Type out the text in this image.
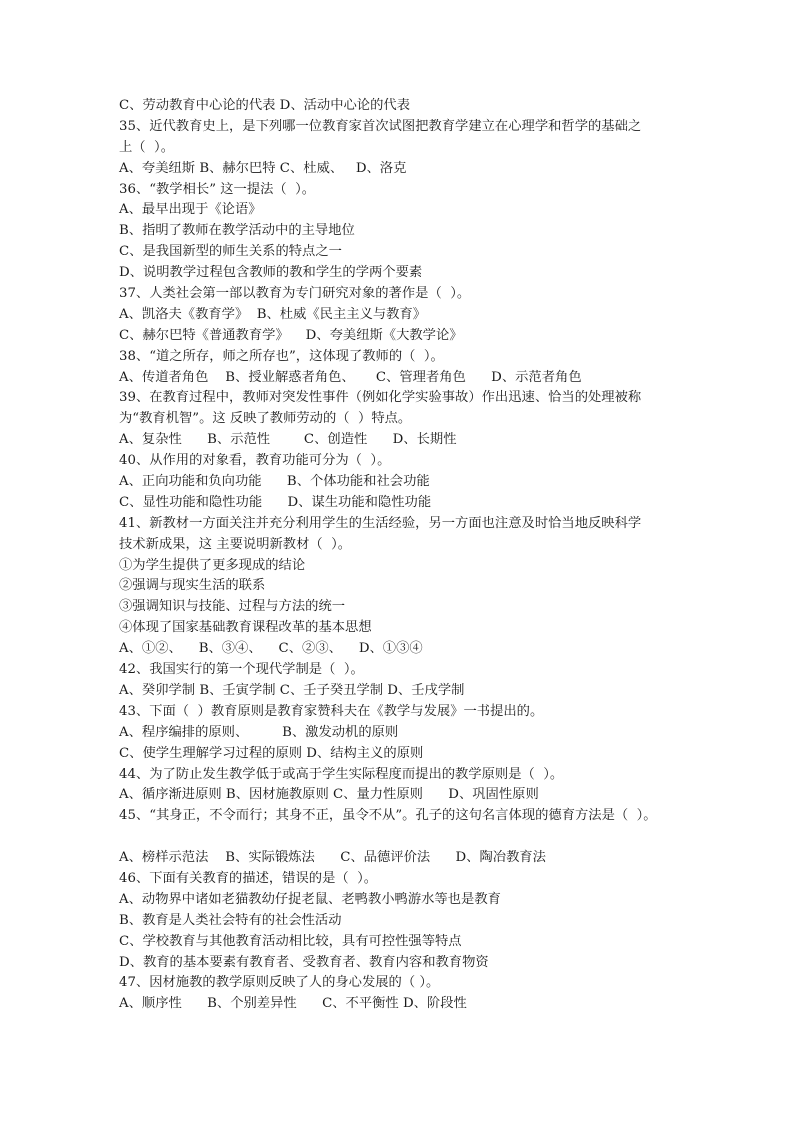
C、劳动教育中心论的代表 D、活动中心论的代表
35、近代教育史上，是下列哪一位教育家首次试图把教育学建立在心理学和哲学的基础之
上（  ）。
A、夸美纽斯 B、赫尔巴特 C、杜威、   D、洛克
36、“教学相长” 这一提法（  ）。
A、最早出现于《论语》
B、指明了教师在教学活动中的主导地位
C、是我国新型的师生关系的特点之一
D、说明教学过程包含教师的教和学生的学两个要素
37、人类社会第一部以教育为专门研究对象的著作是（  ）。
A、凯洛夫《教育学》  B、杜威《民主主义与教育》
C、赫尔巴特《普通教育学》    D、夸美纽斯《大教学论》
38、“道之所存，师之所存也”，这体现了教师的（  ）。
A、传道者角色    B、授业解惑者角色、     C、管理者角色      D、示范者角色
39、在教育过程中，教师对突发性事件（例如化学实验事故）作出迅速、恰当的处理被称
为“教育机智”。这 反映了教师劳动的（  ）特点。
A、复杂性      B、示范性        C、创造性      D、长期性
40、从作用的对象看，教育功能可分为（  ）。
A、正向功能和负向功能      B、个体功能和社会功能
C、显性功能和隐性功能      D、谋生功能和隐性功能
41、新教材一方面关注并充分利用学生的生活经验，另一方面也注意及时恰当地反映科学
技术新成果，这 主要说明新教材（  ）。
①为学生提供了更多现成的结论
②强调与现实生活的联系
③强调知识与技能、过程与方法的统一
④体现了国家基础教育课程改革的基本思想
A、①②、    B、③④、    C、②③、    D、①③④
42、我国实行的第一个现代学制是（  ）。
A、癸卯学制 B、壬寅学制 C、壬子癸丑学制 D、壬戌学制
43、下面（  ）教育原则是教育家赞科夫在《教学与发展》一书提出的。
A、程序编排的原则、        B、激发动机的原则
C、使学生理解学习过程的原则 D、结构主义的原则
44、为了防止发生教学低于或高于学生实际程度而提出的教学原则是（  ）。
A、循序渐进原则 B、因材施教原则 C、量力性原则      D、巩固性原则
45、“其身正，不令而行；其身不正，虽令不从”。孔子的这句名言体现的德育方法是（  ）。
A、榜样示范法    B、实际锻炼法      C、品德评价法      D、陶冶教育法
46、下面有关教育的描述，错误的是（  ）。
A、动物界中诸如老猫教幼仔捉老鼠、老鸭教小鸭游水等也是教育
B、教育是人类社会特有的社会性活动
C、学校教育与其他教育活动相比较，具有可控性强等特点
D、教育的基本要素有教育者、受教育者、教育内容和教育物资
47、因材施教的教学原则反映了人的身心发展的（ ）。
A、顺序性      B、个别差异性      C、不平衡性 D、阶段性
